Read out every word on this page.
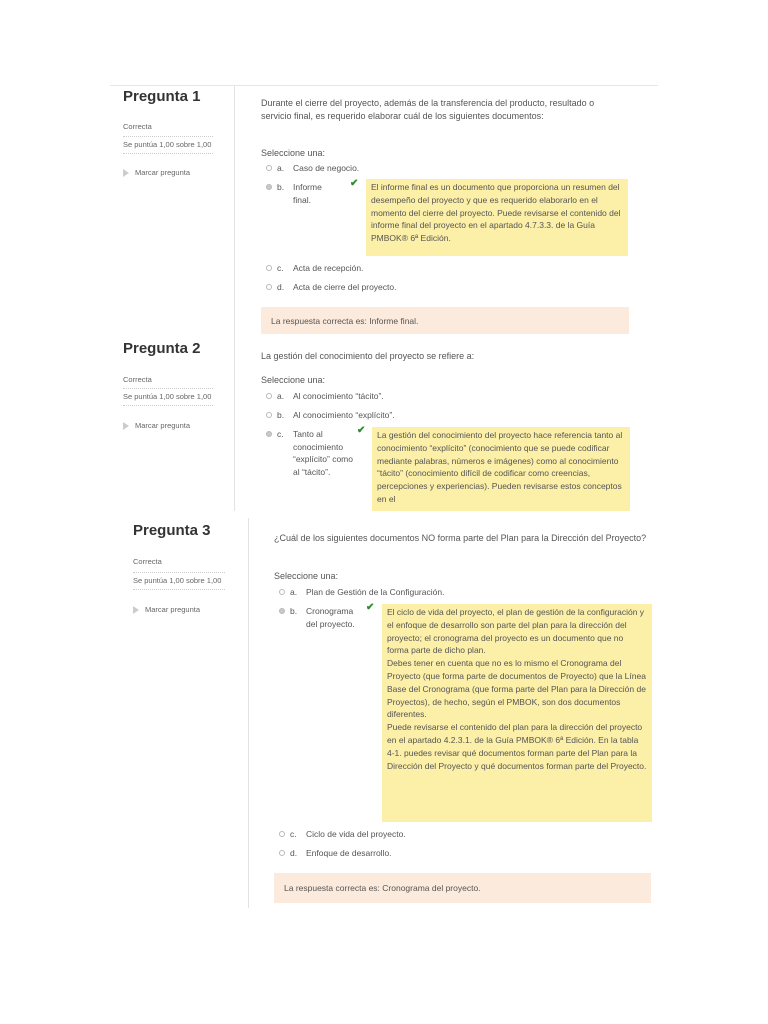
Pregunta 1
Correcta
Se puntúa 1,00 sobre 1,00
Marcar pregunta
Durante el cierre del proyecto, además de la transferencia del producto, resultado o servicio final, es requerido elaborar cuál de los siguientes documentos:
Seleccione una:
a.	Caso de negocio.
b.	Informe final.
✔	El informe final es un documento que proporciona un resumen del desempeño del proyecto y que es requerido elaborarlo en el momento del cierre del proyecto. Puede revisarse el contenido del informe final del proyecto en el apartado 4.7.3.3. de la Guía PMBOK® 6ª Edición.
c.	Acta de recepción.
d.	Acta de cierre del proyecto.
La respuesta correcta es: Informe final.
Pregunta 2
Correcta
Se puntúa 1,00 sobre 1,00
Marcar pregunta
La gestión del conocimiento del proyecto se refiere a:
Seleccione una:
a.	Al conocimiento “tácito”.
b.	Al conocimiento “explícito”.
c.	Tanto al conocimiento “explícito” como al “tácito”.
✔	La gestión del conocimiento del proyecto hace referencia tanto al conocimiento “explícito” (conocimiento que se puede codificar mediante palabras, números e imágenes) como al conocimiento “tácito” (conocimiento difícil de codificar como creencias, percepciones y experiencias). Pueden revisarse estos conceptos en el
Pregunta 3
Correcta
Se puntúa 1,00 sobre 1,00
Marcar pregunta
¿Cuál de los siguientes documentos NO forma parte del Plan para la Dirección del Proyecto?
Seleccione una:
a.	Plan de Gestión de la Configuración.
b.	Cronograma del proyecto.
✔ El ciclo de vida del proyecto, el plan de gestión de la configuración y el enfoque de desarrollo son parte del plan para la dirección del proyecto; el cronograma del proyecto es un documento que no forma parte de dicho plan.
Debes tener en cuenta que no es lo mismo el Cronograma del Proyecto (que forma parte de documentos de Proyecto) que la Línea Base del Cronograma (que forma parte del Plan para la Dirección de Proyectos), de hecho, según el PMBOK, son dos documentos diferentes.
Puede revisarse el contenido del plan para la dirección del proyecto en el apartado 4.2.3.1. de la Guía PMBOK® 6ª Edición. En la tabla 4-1. puedes revisar qué documentos forman parte del Plan para la Dirección del Proyecto y qué documentos forman parte del Proyecto.
c.	Ciclo de vida del proyecto.
d.	Enfoque de desarrollo.
La respuesta correcta es: Cronograma del proyecto.
